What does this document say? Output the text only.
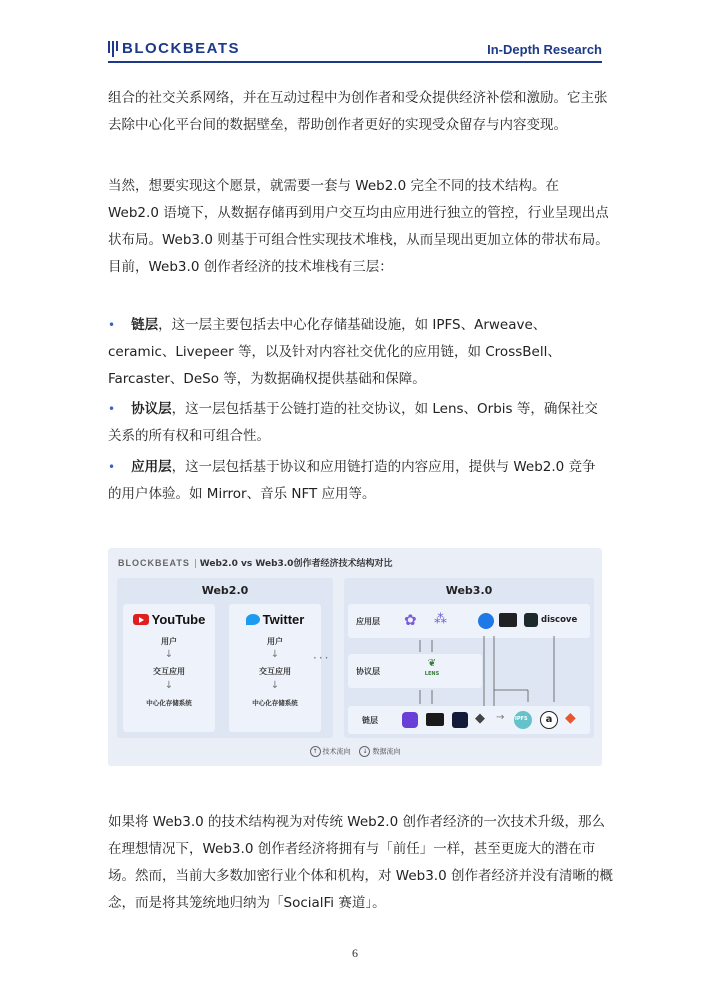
BLOCKBEATS	In-Depth Research
组合的社交关系网络，并在互动过程中为创作者和受众提供经济补偿和激励。它主张
去除中心化平台间的数据壁垒，帮助创作者更好的实现受众留存与内容变现。
当然，想要实现这个愿景，就需要一套与 Web2.0 完全不同的技术结构。在
Web2.0 语境下，从数据存储再到用户交互均由应用进行独立的管控，行业呈现出点
状布局。Web3.0 则基于可组合性实现技术堆栈，从而呈现出更加立体的带状布局。
目前，Web3.0 创作者经济的技术堆栈有三层：
• 链层，这一层主要包括去中心化存储基础设施，如 IPFS、Arweave、
ceramic、Livepeer 等，以及针对内容社交优化的应用链，如 CrossBell、
Farcaster、DeSo 等，为数据确权提供基础和保障。
• 协议层，这一层包括基于公链打造的社交协议，如 Lens、Orbis 等，确保社交
关系的所有权和可组合性。
• 应用层，这一层包括基于协议和应用链打造的内容应用，提供与 Web2.0 竞争
的用户体验。如 Mirror、音乐 NFT 应用等。
BLOCKBEATS | Web2.0 vs Web3.0创作者经济技术结构对比
Web2.0
YouTube
用户
↓
交互应用
↓
中心化存储系统
Twitter
用户
↓
交互应用
↓
中心化存储系统
···
Web3.0
应用层 ✿ ⁂	discove
协议层
❦
LENS
链层	◆ → IPFS	a ◆
↑ 技术流向 ↓ 数据流向
如果将 Web3.0 的技术结构视为对传统 Web2.0 创作者经济的一次技术升级，那么
在理想情况下，Web3.0 创作者经济将拥有与「前任」一样，甚至更庞大的潜在市
场。然而，当前大多数加密行业个体和机构，对 Web3.0 创作者经济并没有清晰的概
念，而是将其笼统地归纳为「SocialFi 赛道」。
6
